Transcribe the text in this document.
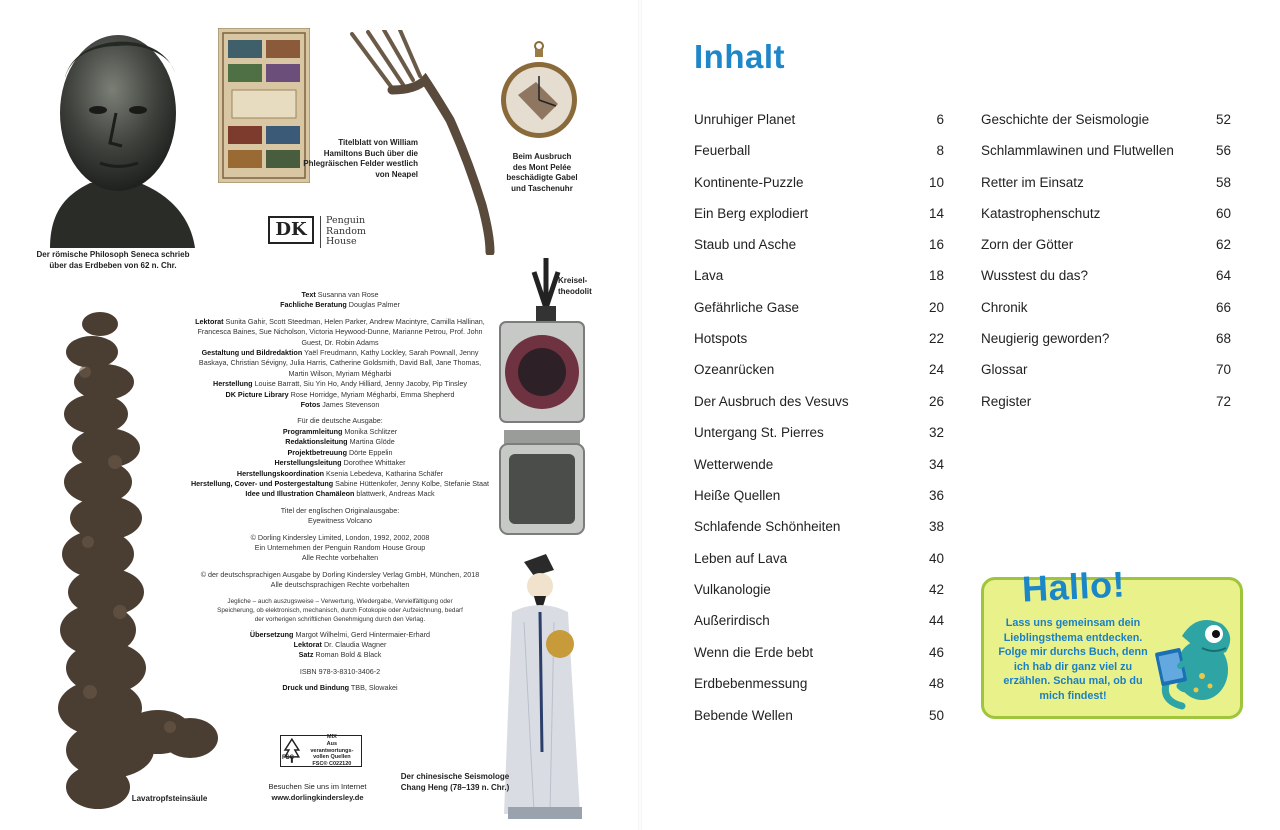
Der römische Philosoph Seneca schrieb über das Erdbeben von 62 n. Chr.
Titelblatt von William Hamiltons Buch über die Phlegräischen Felder westlich von Neapel
Beim Ausbruch des Mont Pelée beschädigte Gabel und Taschenuhr
Kreisel-theodolit
Lavatropfsteinsäule
Der chinesische Seismologe Chang Heng (78–139 n. Chr.)
DK	Penguin
Random
House
Text Susanna van Rose
Fachliche Beratung Douglas Palmer
Lektorat Sunita Gahir, Scott Steedman, Helen Parker, Andrew Macintyre, Camilla Hallinan, Francesca Baines, Sue Nicholson, Victoria Heywood-Dunne, Marianne Petrou, Prof. John Guest, Dr. Robin Adams
Gestaltung und Bildredaktion Yaël Freudmann, Kathy Lockley, Sarah Pownall, Jenny Baskaya, Christian Sévigny, Julia Harris, Catherine Goldsmith, David Ball, Jane Thomas, Martin Wilson, Myriam Mégharbi
Herstellung Louise Barratt, Siu Yin Ho, Andy Hilliard, Jenny Jacoby, Pip Tinsley
DK Picture Library Rose Horridge, Myriam Mégharbi, Emma Shepherd
Fotos James Stevenson
Für die deutsche Ausgabe:
Programmleitung Monika Schlitzer
Redaktionsleitung Martina Glöde
Projektbetreuung Dörte Eppelin
Herstellungsleitung Dorothee Whittaker
Herstellungskoordination Ksenia Lebedeva, Katharina Schäfer
Herstellung, Cover- und Postergestaltung Sabine Hüttenkofer, Jenny Kolbe, Stefanie Staat
Idee und Illustration Chamäleon blattwerk, Andreas Mack
Titel der englischen Originalausgabe:
Eyewitness Volcano
© Dorling Kindersley Limited, London, 1992, 2002, 2008
Ein Unternehmen der Penguin Random House Group
Alle Rechte vorbehalten
© der deutschsprachigen Ausgabe by Dorling Kindersley Verlag GmbH, München, 2018
Alle deutschsprachigen Rechte vorbehalten
Jegliche – auch auszugsweise – Verwertung, Wiedergabe, Vervielfältigung oder Speicherung, ob elektronisch, mechanisch, durch Fotokopie oder Aufzeichnung, bedarf der vorherigen schriftlichen Genehmigung durch den Verlag.
Übersetzung Margot Wilhelmi, Gerd Hintermaier-Erhard
Lektorat Dr. Claudia Wagner
Satz Roman Bold & Black
ISBN 978-3-8310-3406-2
Druck und Bindung TBB, Slowakei
MIX
Aus verantwortungs-
vollen Quellen
FSC® C022120
FSC
Besuchen Sie uns im Internet
www.dorlingkindersley.de
Inhalt
Unruhiger Planet	6
Feuerball	8
Kontinente-Puzzle	10
Ein Berg explodiert	14
Staub und Asche	16
Lava	18
Gefährliche Gase	20
Hotspots	22
Ozeanrücken	24
Der Ausbruch des Vesuvs	26
Untergang St. Pierres	32
Wetterwende	34
Heiße Quellen	36
Schlafende Schönheiten	38
Leben auf Lava	40
Vulkanologie	42
Außerirdisch	44
Wenn die Erde bebt	46
Erdbebenmessung	48
Bebende Wellen	50
Geschichte der Seismologie	52
Schlammlawinen und Flutwellen	56
Retter im Einsatz	58
Katastrophenschutz	60
Zorn der Götter	62
Wusstest du das?	64
Chronik	66
Neugierig geworden?	68
Glossar	70
Register	72
Hallo!
Lass uns gemeinsam dein Lieblingsthema entdecken. Folge mir durchs Buch, denn ich hab dir ganz viel zu erzählen. Schau mal, ob du mich findest!
